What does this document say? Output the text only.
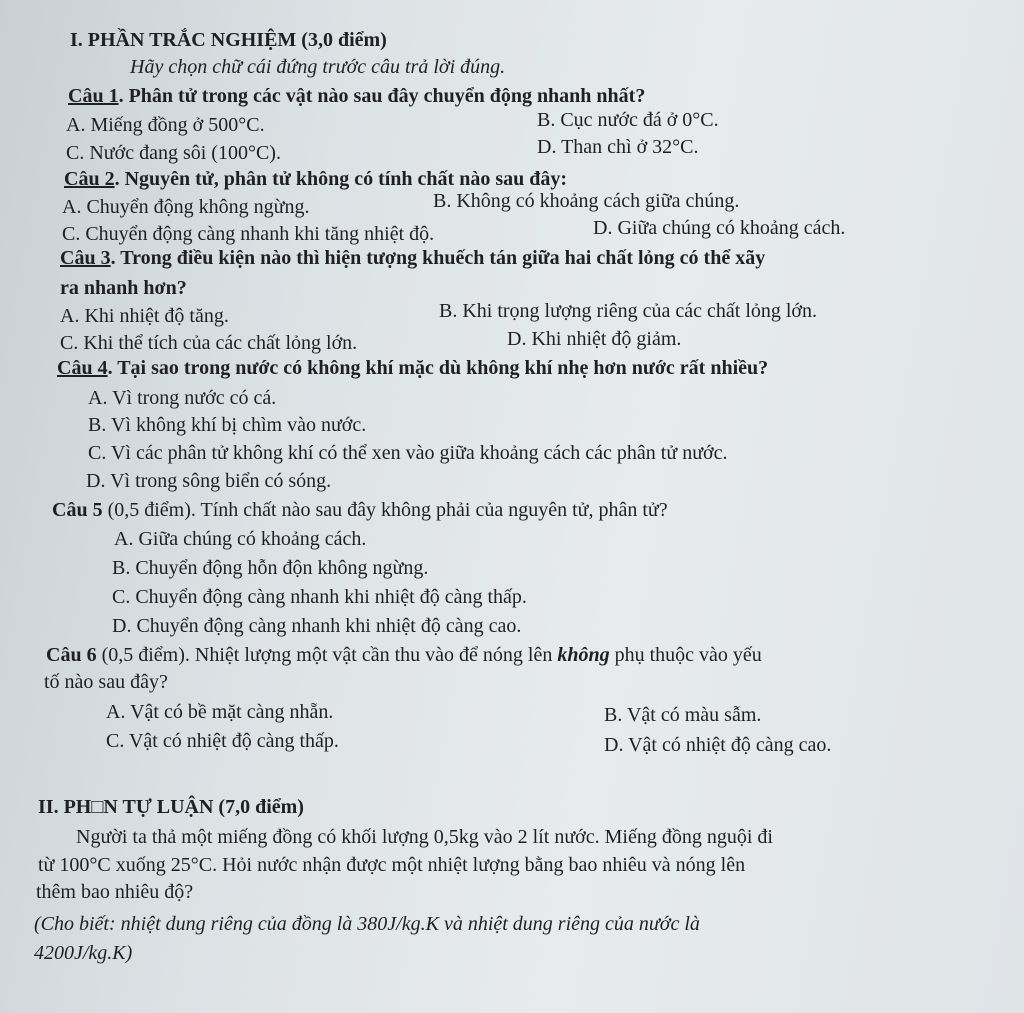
I. PHẦN TRẮC NGHIỆM (3,0 điểm)
Hãy chọn chữ cái đứng trước câu trả lời đúng.
Câu 1. Phân tử trong các vật nào sau đây chuyển động nhanh nhất?
A. Miếng đồng ở 500°C.	B. Cục nước đá ở 0°C.
C. Nước đang sôi (100°C).	D. Than chì ở 32°C.
Câu 2. Nguyên tử, phân tử không có tính chất nào sau đây:
A. Chuyển động không ngừng.	B. Không có khoảng cách giữa chúng.
C. Chuyển động càng nhanh khi tăng nhiệt độ.	D. Giữa chúng có khoảng cách.
Câu 3. Trong điều kiện nào thì hiện tượng khuếch tán giữa hai chất lỏng có thể xãy
ra nhanh hơn?
A. Khi nhiệt độ tăng.	B. Khi trọng lượng riêng của các chất lỏng lớn.
C. Khi thể tích của các chất lỏng lớn.	D. Khi nhiệt độ giảm.
Câu 4. Tại sao trong nước có không khí mặc dù không khí nhẹ hơn nước rất nhiều?
A. Vì trong nước có cá.
B. Vì không khí bị chìm vào nước.
C. Vì các phân tử không khí có thể xen vào giữa khoảng cách các phân tử nước.
D. Vì trong sông biển có sóng.
Câu 5 (0,5 điểm). Tính chất nào sau đây không phải của nguyên tử, phân tử?
A. Giữa chúng có khoảng cách.
B. Chuyển động hỗn độn không ngừng.
C. Chuyển động càng nhanh khi nhiệt độ càng thấp.
D. Chuyển động càng nhanh khi nhiệt độ càng cao.
Câu 6 (0,5 điểm). Nhiệt lượng một vật cần thu vào để nóng lên không phụ thuộc vào yếu
tố nào sau đây?
A. Vật có bề mặt càng nhẵn.	B. Vật có màu sẫm.
C. Vật có nhiệt độ càng thấp.	D. Vật có nhiệt độ càng cao.
II. PH□N TỰ LUẬN (7,0 điểm)
Người ta thả một miếng đồng có khối lượng 0,5kg vào 2 lít nước. Miếng đồng nguội đi
từ 100°C xuống 25°C. Hỏi nước nhận được một nhiệt lượng bằng bao nhiêu và nóng lên
thêm bao nhiêu độ?
(Cho biết: nhiệt dung riêng của đồng là 380J/kg.K và nhiệt dung riêng của nước là
4200J/kg.K)
